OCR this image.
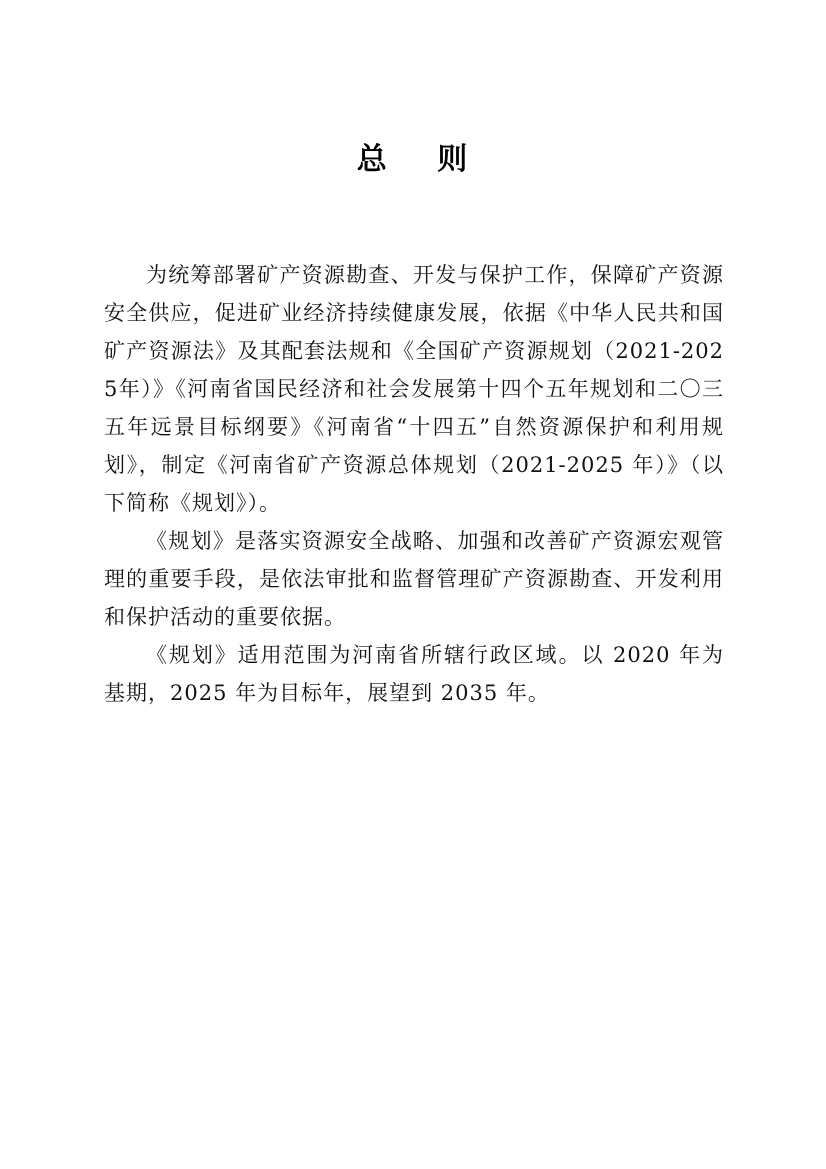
总 则

为统筹部署矿产资源勘查、开发与保护工作，保障矿产资源安全供应，促进矿业经济持续健康发展，依据《中华人民共和国矿产资源法》及其配套法规和《全国矿产资源规划（2021-2025年）》《河南省国民经济和社会发展第十四个五年规划和二〇三五年远景目标纲要》《河南省“十四五”自然资源保护和利用规划》，制定《河南省矿产资源总体规划（2021-2025 年）》（以下简称《规划》）。

《规划》是落实资源安全战略、加强和改善矿产资源宏观管理的重要手段，是依法审批和监督管理矿产资源勘查、开发利用和保护活动的重要依据。

《规划》适用范围为河南省所辖行政区域。以 2020 年为基期，2025 年为目标年，展望到 2035 年。
